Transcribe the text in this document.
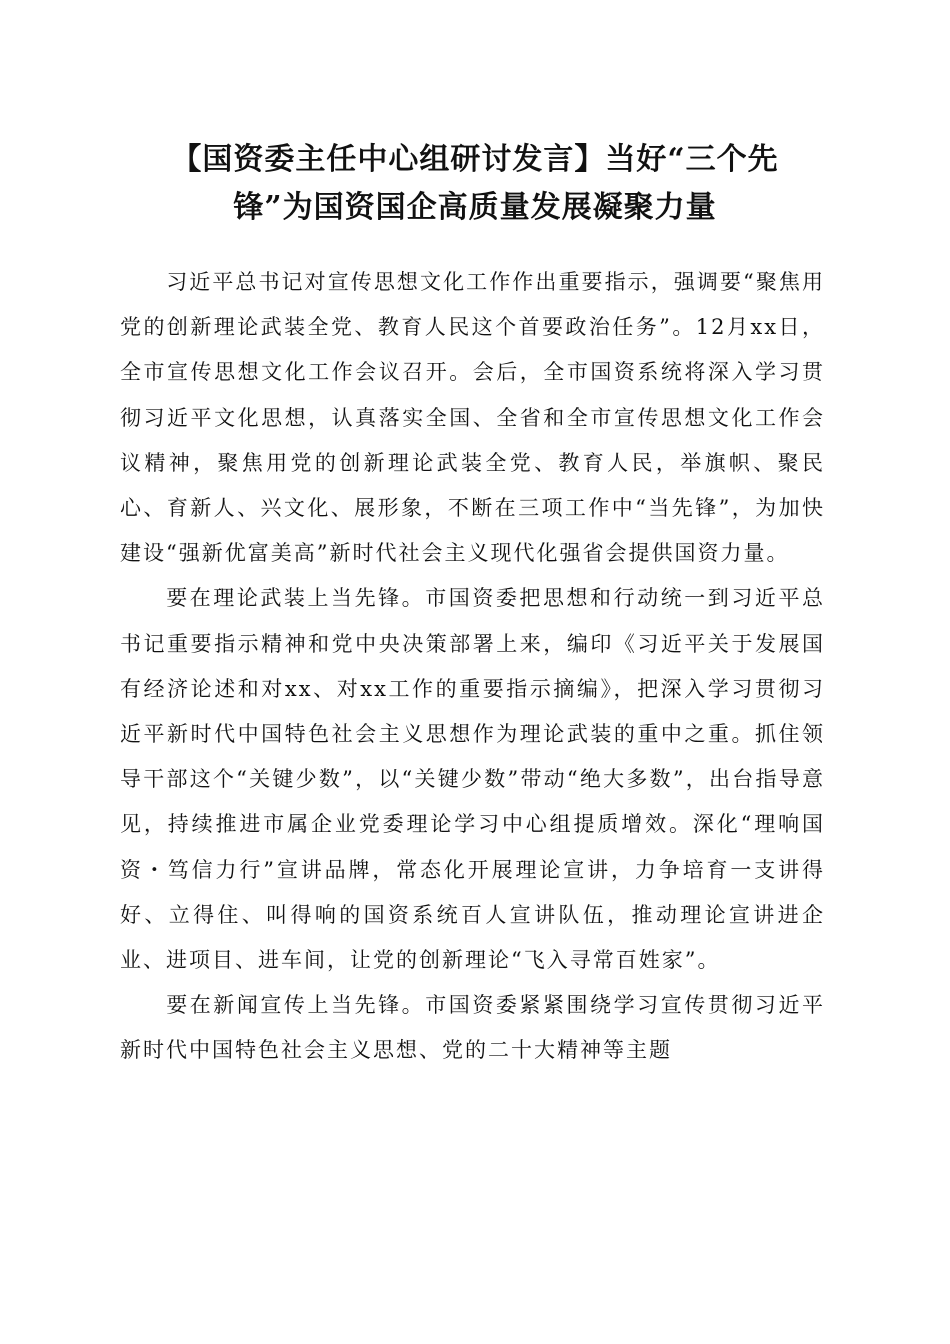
【国资委主任中心组研讨发言】当好“三个先
锋”为国资国企高质量发展凝聚力量

习近平总书记对宣传思想文化工作作出重要指示，强调要“聚焦用党的创新理论武装全党、教育人民这个首要政治任务”。12月xx日，全市宣传思想文化工作会议召开。会后，全市国资系统将深入学习贯彻习近平文化思想，认真落实全国、全省和全市宣传思想文化工作会议精神，聚焦用党的创新理论武装全党、教育人民，举旗帜、聚民心、育新人、兴文化、展形象，不断在三项工作中“当先锋”，为加快建设“强新优富美高”新时代社会主义现代化强省会提供国资力量。

要在理论武装上当先锋。市国资委把思想和行动统一到习近平总书记重要指示精神和党中央决策部署上来，编印《习近平关于发展国有经济论述和对xx、对xx工作的重要指示摘编》，把深入学习贯彻习近平新时代中国特色社会主义思想作为理论武装的重中之重。抓住领导干部这个“关键少数”，以“关键少数”带动“绝大多数”，出台指导意见，持续推进市属企业党委理论学习中心组提质增效。深化“理响国资・笃信力行”宣讲品牌，常态化开展理论宣讲，力争培育一支讲得好、立得住、叫得响的国资系统百人宣讲队伍，推动理论宣讲进企业、进项目、进车间，让党的创新理论“飞入寻常百姓家”。

要在新闻宣传上当先锋。市国资委紧紧围绕学习宣传贯彻习近平新时代中国特色社会主义思想、党的二十大精神等主题
